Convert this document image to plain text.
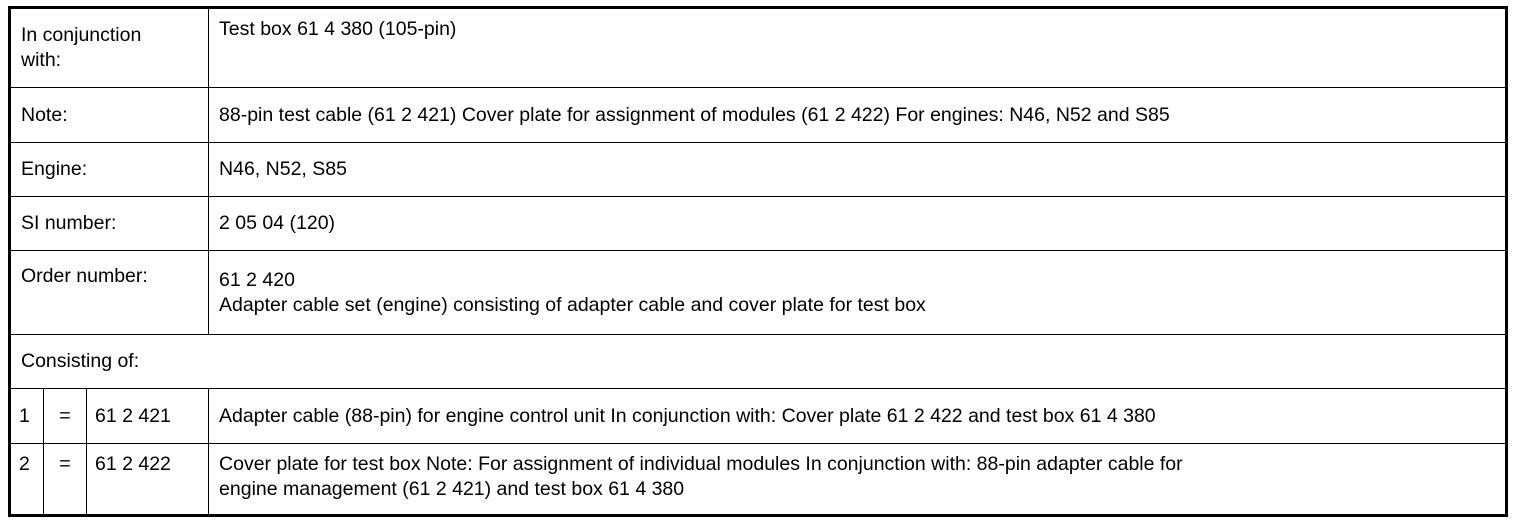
In conjunction
with:			Test box 61 4 380 (105-pin)
Note:			88-pin test cable (61 2 421) Cover plate for assignment of modules (61 2 422) For engines: N46, N52 and S85
Engine:			N46, N52, S85
SI number:			2 05 04 (120)
Order number:			61 2 420
Adapter cable set (engine) consisting of adapter cable and cover plate for test box

Consisting of:			
1	=	61 2 421	Adapter cable (88-pin) for engine control unit In conjunction with: Cover plate 61 2 422 and test box 61 4 380
2	=	61 2 422	Cover plate for test box Note: For assignment of individual modules In conjunction with: 88-pin adapter cable for
engine management (61 2 421) and test box 61 4 380
